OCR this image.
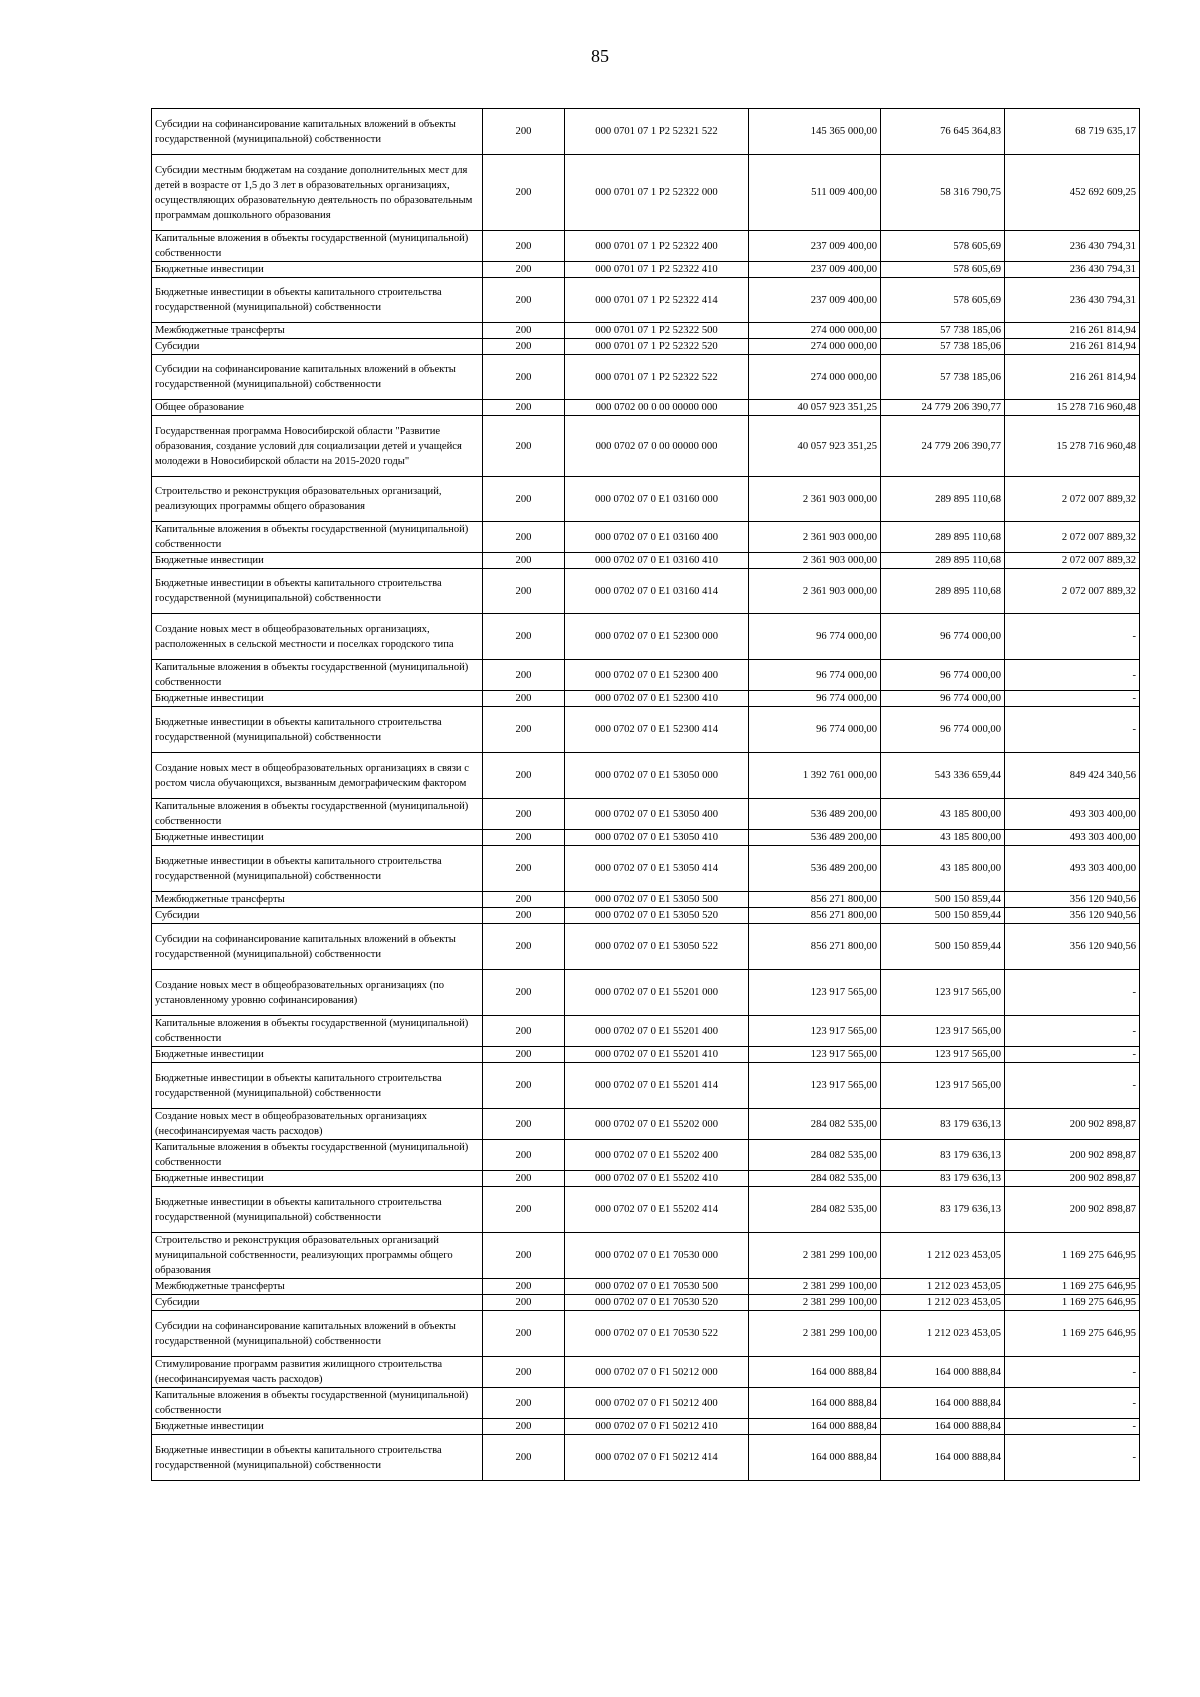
85
Субсидии на софинансирование капитальных вложений в объекты государственной (муниципальной) собственности	200	000 0701 07 1 P2 52321 522	145 365 000,00	76 645 364,83	68 719 635,17
Субсидии местным бюджетам на создание дополнительных мест для детей в возрасте от 1,5 до 3 лет в образовательных организациях, осуществляющих образовательную деятельность по образовательным программам дошкольного образования	200	000 0701 07 1 P2 52322 000	511 009 400,00	58 316 790,75	452 692 609,25
Капитальные вложения в объекты государственной (муниципальной) собственности	200	000 0701 07 1 P2 52322 400	237 009 400,00	578 605,69	236 430 794,31
Бюджетные инвестиции	200	000 0701 07 1 P2 52322 410	237 009 400,00	578 605,69	236 430 794,31
Бюджетные инвестиции в объекты капитального строительства государственной (муниципальной) собственности	200	000 0701 07 1 P2 52322 414	237 009 400,00	578 605,69	236 430 794,31
Межбюджетные трансферты	200	000 0701 07 1 P2 52322 500	274 000 000,00	57 738 185,06	216 261 814,94
Субсидии	200	000 0701 07 1 P2 52322 520	274 000 000,00	57 738 185,06	216 261 814,94
Субсидии на софинансирование капитальных вложений в объекты государственной (муниципальной) собственности	200	000 0701 07 1 P2 52322 522	274 000 000,00	57 738 185,06	216 261 814,94
Общее образование	200	000 0702 00 0 00 00000 000	40 057 923 351,25	24 779 206 390,77	15 278 716 960,48
Государственная программа Новосибирской области "Развитие образования, создание условий для социализации детей и учащейся молодежи в Новосибирской области на 2015-2020 годы"	200	000 0702 07 0 00 00000 000	40 057 923 351,25	24 779 206 390,77	15 278 716 960,48
Строительство и реконструкция образовательных организаций, реализующих программы общего образования	200	000 0702 07 0 E1 03160 000	2 361 903 000,00	289 895 110,68	2 072 007 889,32
Капитальные вложения в объекты государственной (муниципальной) собственности	200	000 0702 07 0 E1 03160 400	2 361 903 000,00	289 895 110,68	2 072 007 889,32
Бюджетные инвестиции	200	000 0702 07 0 E1 03160 410	2 361 903 000,00	289 895 110,68	2 072 007 889,32
Бюджетные инвестиции в объекты капитального строительства государственной (муниципальной) собственности	200	000 0702 07 0 E1 03160 414	2 361 903 000,00	289 895 110,68	2 072 007 889,32
Создание новых мест в общеобразовательных организациях, расположенных в сельской местности и поселках городского типа	200	000 0702 07 0 E1 52300 000	96 774 000,00	96 774 000,00	-
Капитальные вложения в объекты государственной (муниципальной) собственности	200	000 0702 07 0 E1 52300 400	96 774 000,00	96 774 000,00	-
Бюджетные инвестиции	200	000 0702 07 0 E1 52300 410	96 774 000,00	96 774 000,00	-
Бюджетные инвестиции в объекты капитального строительства государственной (муниципальной) собственности	200	000 0702 07 0 E1 52300 414	96 774 000,00	96 774 000,00	-
Создание новых мест в общеобразовательных организациях в связи с ростом числа обучающихся, вызванным демографическим фактором	200	000 0702 07 0 E1 53050 000	1 392 761 000,00	543 336 659,44	849 424 340,56
Капитальные вложения в объекты государственной (муниципальной) собственности	200	000 0702 07 0 E1 53050 400	536 489 200,00	43 185 800,00	493 303 400,00
Бюджетные инвестиции	200	000 0702 07 0 E1 53050 410	536 489 200,00	43 185 800,00	493 303 400,00
Бюджетные инвестиции в объекты капитального строительства государственной (муниципальной) собственности	200	000 0702 07 0 E1 53050 414	536 489 200,00	43 185 800,00	493 303 400,00
Межбюджетные трансферты	200	000 0702 07 0 E1 53050 500	856 271 800,00	500 150 859,44	356 120 940,56
Субсидии	200	000 0702 07 0 E1 53050 520	856 271 800,00	500 150 859,44	356 120 940,56
Субсидии на софинансирование капитальных вложений в объекты государственной (муниципальной) собственности	200	000 0702 07 0 E1 53050 522	856 271 800,00	500 150 859,44	356 120 940,56
Создание новых мест в общеобразовательных организациях (по установленному уровню софинансирования)	200	000 0702 07 0 E1 55201 000	123 917 565,00	123 917 565,00	-
Капитальные вложения в объекты государственной (муниципальной) собственности	200	000 0702 07 0 E1 55201 400	123 917 565,00	123 917 565,00	-
Бюджетные инвестиции	200	000 0702 07 0 E1 55201 410	123 917 565,00	123 917 565,00	-
Бюджетные инвестиции в объекты капитального строительства государственной (муниципальной) собственности	200	000 0702 07 0 E1 55201 414	123 917 565,00	123 917 565,00	-
Создание новых мест в общеобразовательных организациях (несофинансируемая часть расходов)	200	000 0702 07 0 E1 55202 000	284 082 535,00	83 179 636,13	200 902 898,87
Капитальные вложения в объекты государственной (муниципальной) собственности	200	000 0702 07 0 E1 55202 400	284 082 535,00	83 179 636,13	200 902 898,87
Бюджетные инвестиции	200	000 0702 07 0 E1 55202 410	284 082 535,00	83 179 636,13	200 902 898,87
Бюджетные инвестиции в объекты капитального строительства государственной (муниципальной) собственности	200	000 0702 07 0 E1 55202 414	284 082 535,00	83 179 636,13	200 902 898,87
Строительство и реконструкция образовательных организаций муниципальной собственности, реализующих программы общего образования	200	000 0702 07 0 E1 70530 000	2 381 299 100,00	1 212 023 453,05	1 169 275 646,95
Межбюджетные трансферты	200	000 0702 07 0 E1 70530 500	2 381 299 100,00	1 212 023 453,05	1 169 275 646,95
Субсидии	200	000 0702 07 0 E1 70530 520	2 381 299 100,00	1 212 023 453,05	1 169 275 646,95
Субсидии на софинансирование капитальных вложений в объекты государственной (муниципальной) собственности	200	000 0702 07 0 E1 70530 522	2 381 299 100,00	1 212 023 453,05	1 169 275 646,95
Стимулирование программ развития жилищного строительства (несофинансируемая часть расходов)	200	000 0702 07 0 F1 50212 000	164 000 888,84	164 000 888,84	-
Капитальные вложения в объекты государственной (муниципальной) собственности	200	000 0702 07 0 F1 50212 400	164 000 888,84	164 000 888,84	-
Бюджетные инвестиции	200	000 0702 07 0 F1 50212 410	164 000 888,84	164 000 888,84	-
Бюджетные инвестиции в объекты капитального строительства государственной (муниципальной) собственности	200	000 0702 07 0 F1 50212 414	164 000 888,84	164 000 888,84	-
